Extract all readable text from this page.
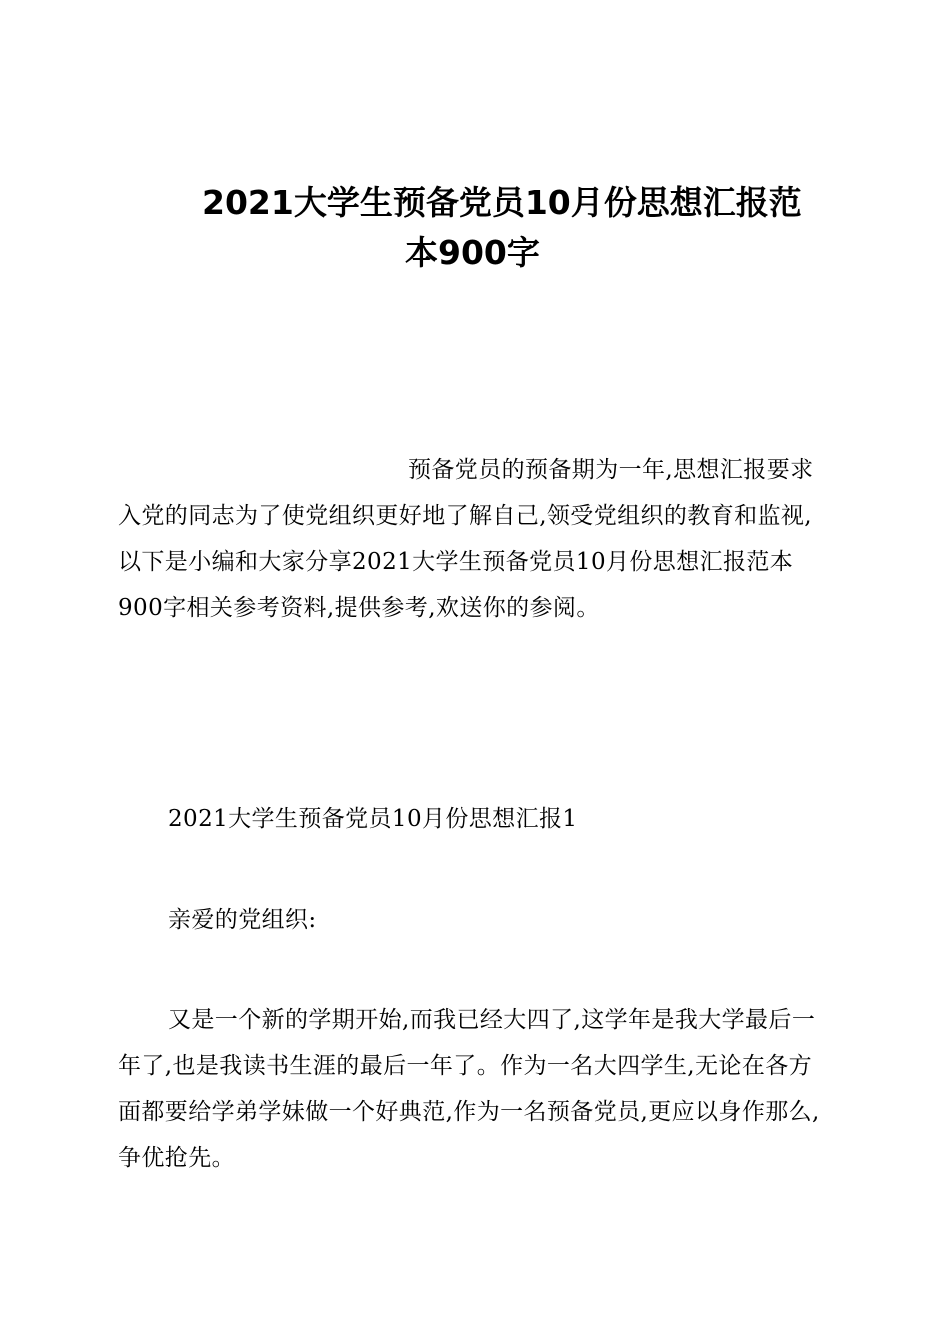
2021大学生预备党员10月份思想汇报范
本900字

预备党员的预备期为一年,思想汇报要求入党的同志为了使党组织更好地了解自己,领受党组织的教育和监视,以下是小编和大家分享2021大学生预备党员10月份思想汇报范本900字相关参考资料,提供参考,欢送你的参阅。

2021大学生预备党员10月份思想汇报1

亲爱的党组织:

又是一个新的学期开始,而我已经大四了,这学年是我大学最后一年了,也是我读书生涯的最后一年了。作为一名大四学生,无论在各方面都要给学弟学妹做一个好典范,作为一名预备党员,更应以身作那么,争优抢先。
